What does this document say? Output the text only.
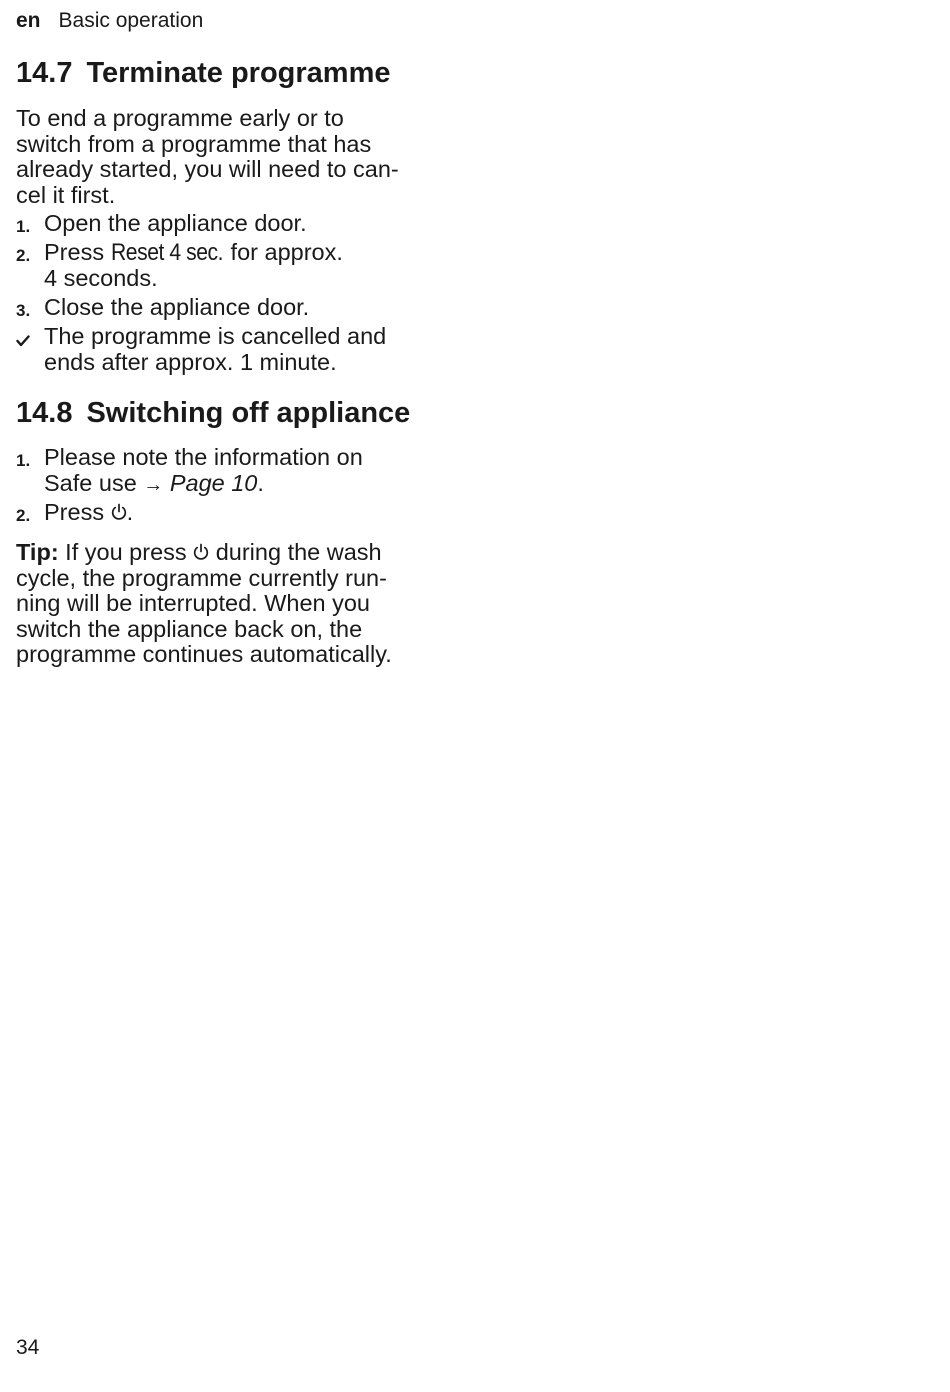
en Basic operation
14.7 Terminate programme
To end a programme early or to
switch from a programme that has
already started, you will need to can-
cel it first.
1. Open the appliance door.
2. Press Reset 4 sec. for approx.
4 seconds.
3. Close the appliance door.
The programme is cancelled and
ends after approx. 1 minute.
14.8 Switching off appliance
1. Please note the information on
Safe use → Page 10.
2. Press .
Tip: If you press during the wash
cycle, the programme currently run-
ning will be interrupted. When you
switch the appliance back on, the
programme continues automatically.
34
